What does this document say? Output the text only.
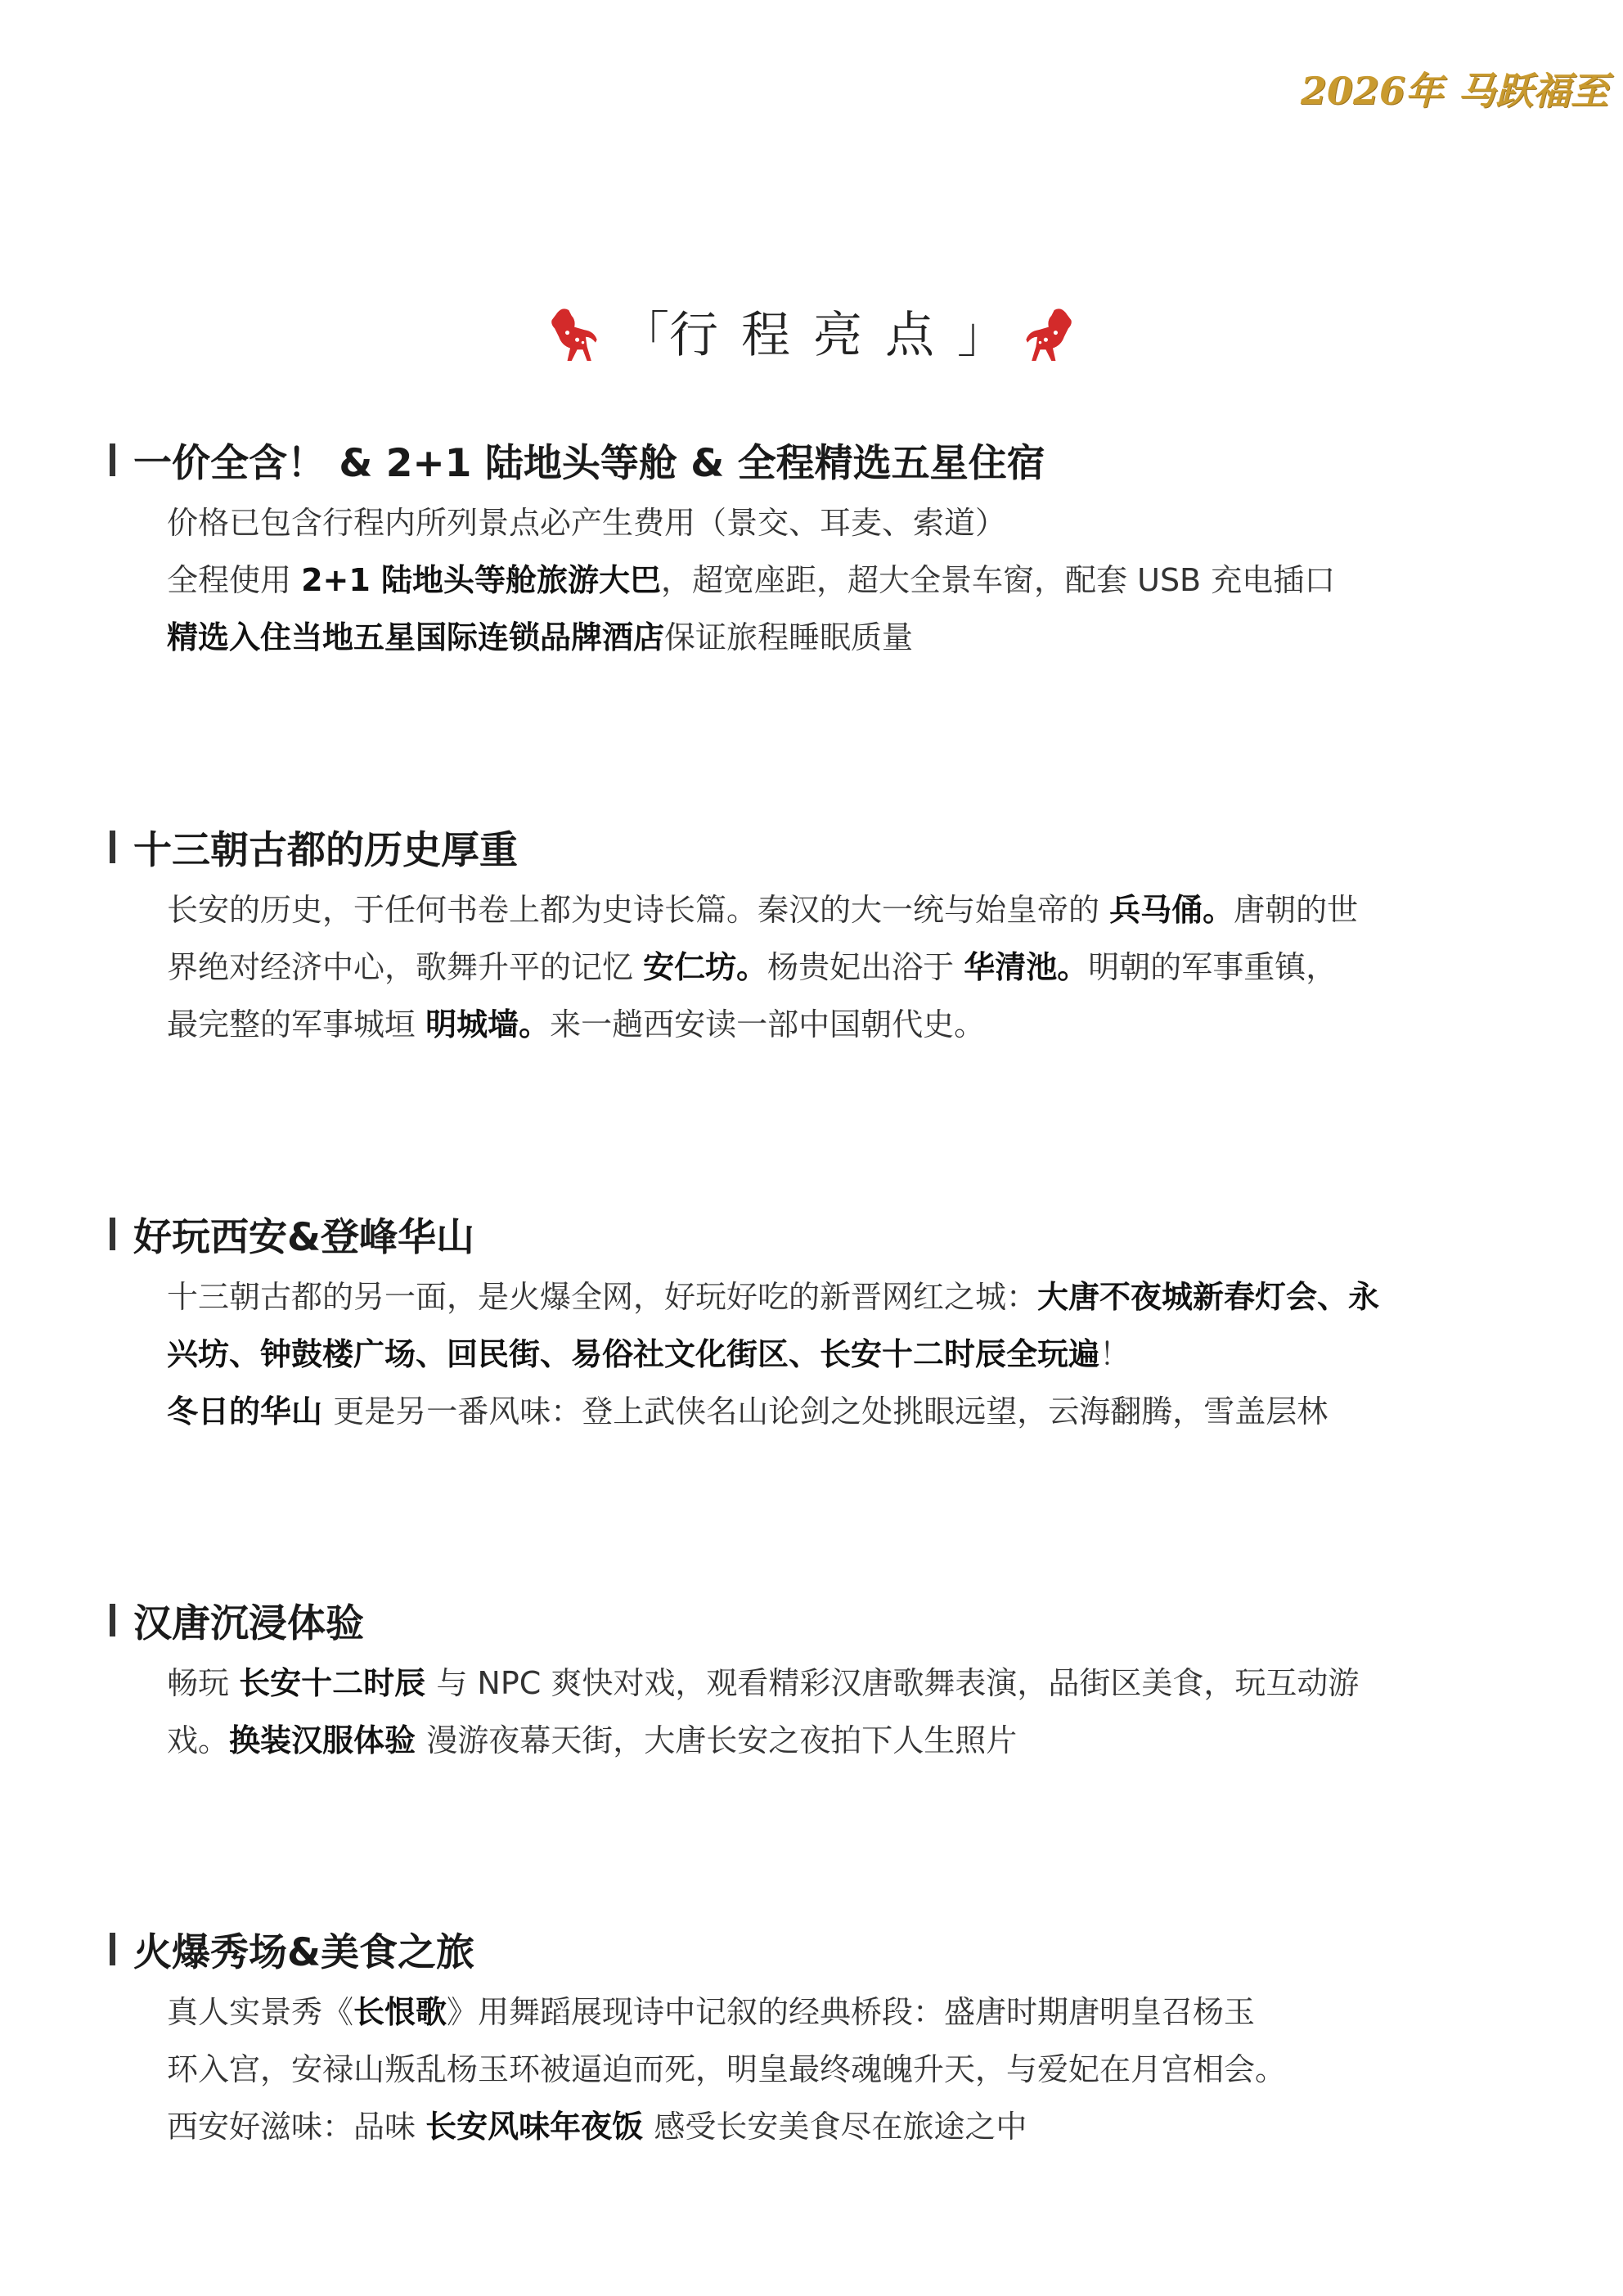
2026年 马跃福至
「行程亮点」
一价全含！ & 2+1 陆地头等舱 & 全程精选五星住宿
价格已包含行程内所列景点必产生费用（景交、耳麦、索道）
全程使用 2+1 陆地头等舱旅游大巴，超宽座距，超大全景车窗，配套 USB 充电插口
精选入住当地五星国际连锁品牌酒店保证旅程睡眠质量
十三朝古都的历史厚重
长安的历史，于任何书卷上都为史诗长篇。秦汉的大一统与始皇帝的 兵马俑。唐朝的世
界绝对经济中心，歌舞升平的记忆 安仁坊。杨贵妃出浴于 华清池。明朝的军事重镇，
最完整的军事城垣 明城墙。来一趟西安读一部中国朝代史。
好玩西安&登峰华山
十三朝古都的另一面，是火爆全网，好玩好吃的新晋网红之城：大唐不夜城新春灯会、永
兴坊、钟鼓楼广场、回民街、易俗社文化街区、长安十二时辰全玩遍！
冬日的华山 更是另一番风味：登上武侠名山论剑之处挑眼远望，云海翻腾，雪盖层林
汉唐沉浸体验
畅玩 长安十二时辰 与 NPC 爽快对戏，观看精彩汉唐歌舞表演，品街区美食，玩互动游
戏。换装汉服体验 漫游夜幕天街，大唐长安之夜拍下人生照片
火爆秀场&美食之旅
真人实景秀《长恨歌》用舞蹈展现诗中记叙的经典桥段：盛唐时期唐明皇召杨玉
环入宫，安禄山叛乱杨玉环被逼迫而死，明皇最终魂魄升天，与爱妃在月宫相会。
西安好滋味：品味 长安风味年夜饭 感受长安美食尽在旅途之中
